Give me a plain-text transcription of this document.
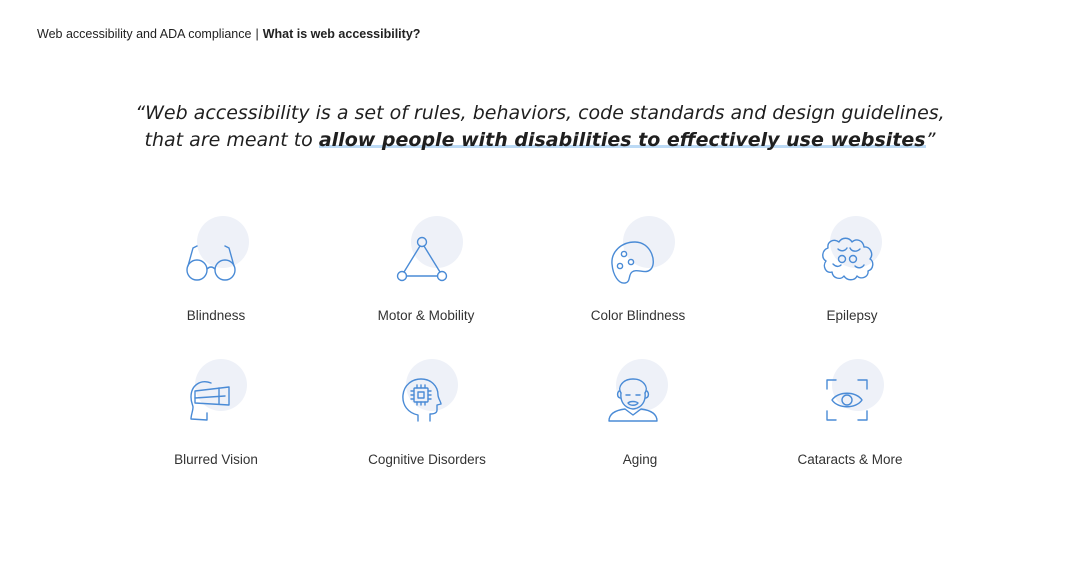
Web accessibility and ADA compliance | What is web accessibility?
“Web accessibility is a set of rules, behaviors, code standards and design guidelines,
that are meant to allow people with disabilities to effectively use websites”
Blindness	Motor & Mobility	Color Blindness	Epilepsy
Blurred Vision	Cognitive Disorders	Aging	Cataracts & More
